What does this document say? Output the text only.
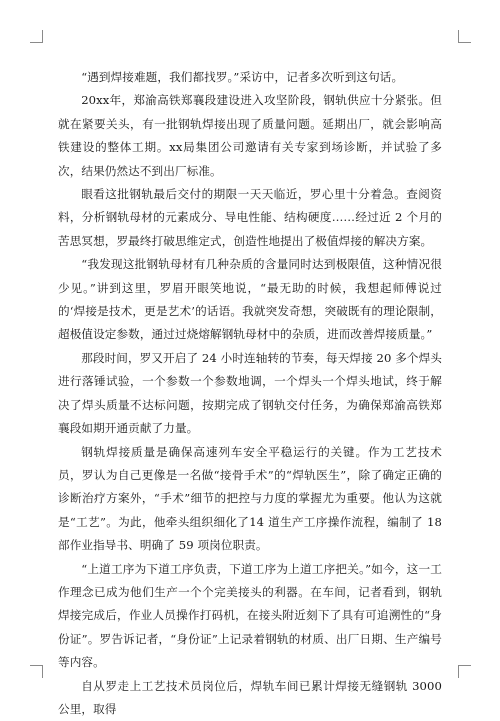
“遇到焊接难题，我们都找罗。”采访中，记者多次听到这句话。

20xx年，郑渝高铁郑襄段建设进入攻坚阶段，钢轨供应十分紧张。但就在紧要关头，有一批钢轨焊接出现了质量问题。延期出厂，就会影响高铁建设的整体工期。xx局集团公司邀请有关专家到场诊断，并试验了多次，结果仍然达不到出厂标准。

眼看这批钢轨最后交付的期限一天天临近，罗心里十分着急。查阅资料，分析钢轨母材的元素成分、导电性能、结构硬度……经过近 2 个月的苦思冥想，罗最终打破思维定式，创造性地提出了极值焊接的解决方案。

“我发现这批钢轨母材有几种杂质的含量同时达到极限值，这种情况很少见。”讲到这里，罗眉开眼笑地说，“最无助的时候，我想起师傅说过的‘焊接是技术，更是艺术’的话语。我就突发奇想，突破既有的理论限制，超极值设定参数，通过过烧熔解钢轨母材中的杂质，进而改善焊接质量。”

那段时间，罗又开启了 24 小时连轴转的节奏，每天焊接 20 多个焊头进行落锤试验，一个参数一个参数地调，一个焊头一个焊头地试，终于解决了焊头质量不达标问题，按期完成了钢轨交付任务，为确保郑渝高铁郑襄段如期开通贡献了力量。

钢轨焊接质量是确保高速列车安全平稳运行的关键。作为工艺技术员，罗认为自己更像是一名做“接骨手术”的“焊轨医生”，除了确定正确的诊断治疗方案外，“手术”细节的把控与力度的掌握尤为重要。他认为这就是“工艺”。为此，他牵头组织细化了14 道生产工序操作流程，编制了 18 部作业指导书、明确了 59 项岗位职责。

“上道工序为下道工序负责，下道工序为上道工序把关。”如今，这一工作理念已成为他们生产一个个完美接头的利器。在车间，记者看到，钢轨焊接完成后，作业人员操作打码机，在接头附近刻下了具有可追溯性的“身份证”。罗告诉记者，“身份证”上记录着钢轨的材质、出厂日期、生产编号等内容。

自从罗走上工艺技术员岗位后，焊轨车间已累计焊接无缝钢轨 3000 公里，取得
